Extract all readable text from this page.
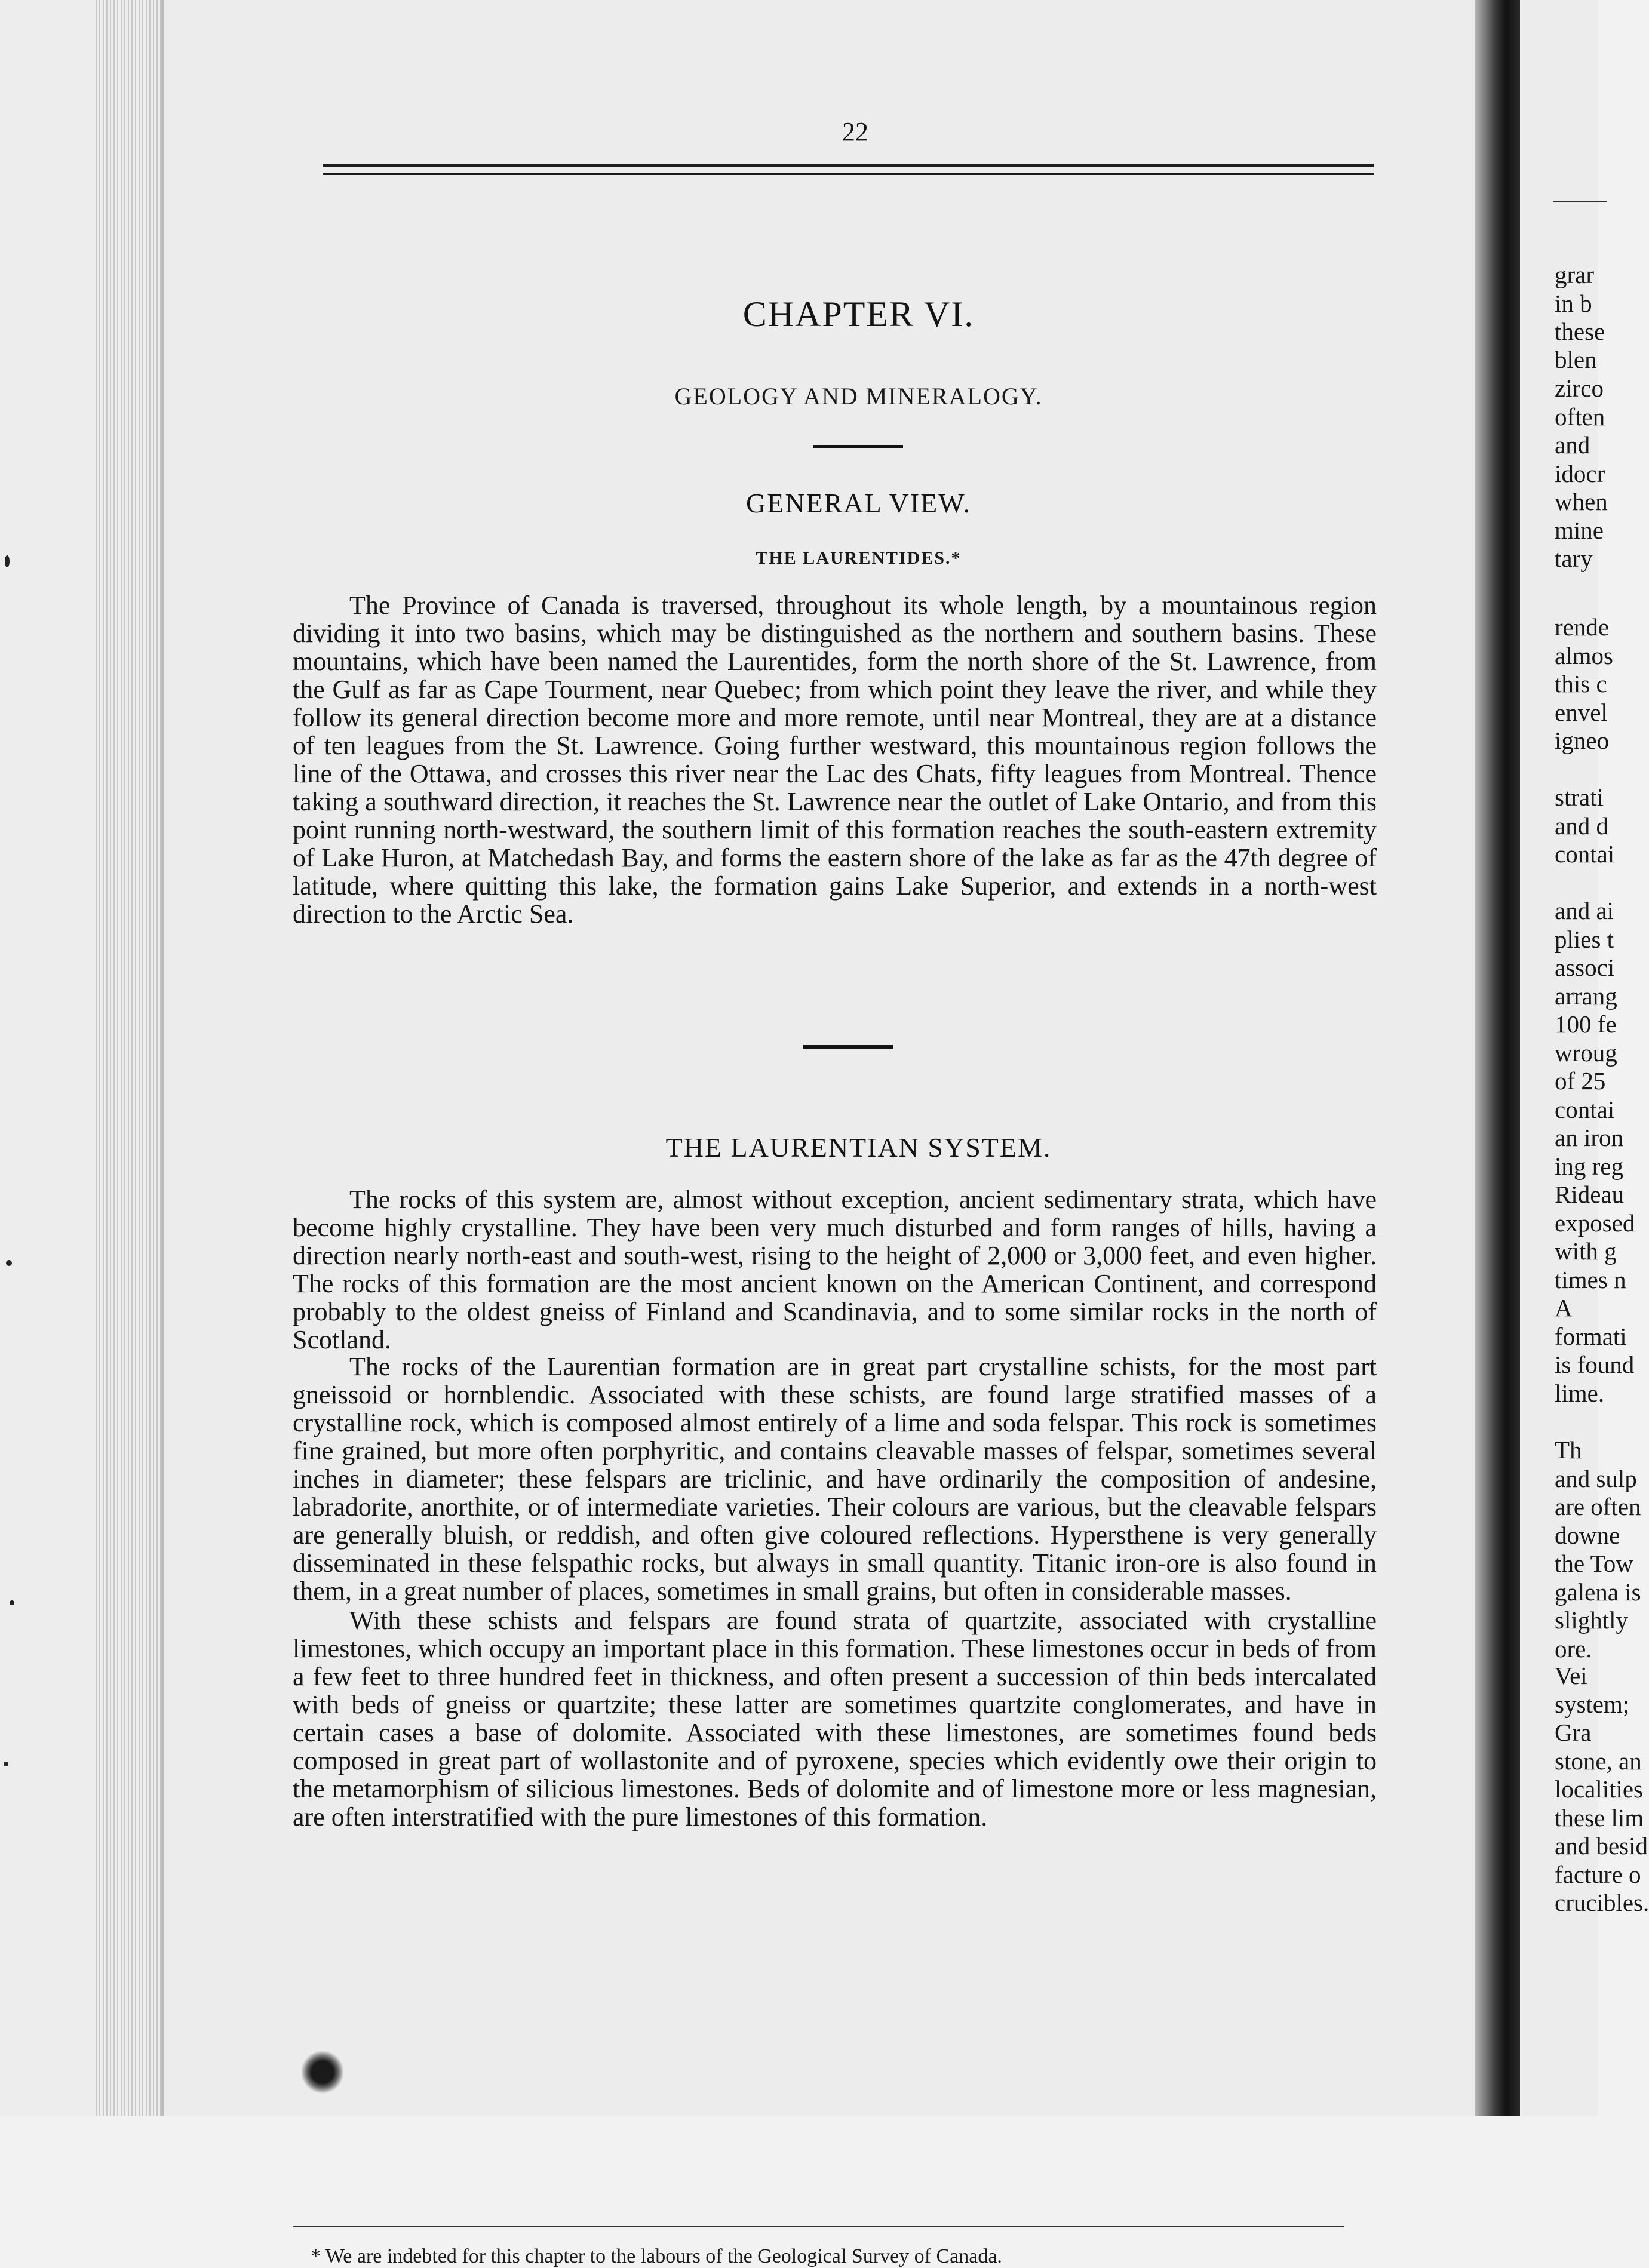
grar
in b
these
blen
zirco
often
and
idocr
when
mine
tary
rende
almos
this c
envel
igneo
strati
and d
contai
and ai
plies t
associ
arrang
100 fe
wroug
of 25
contai
an iron
ing reg
Rideau
exposed
with g
times n
A
formati
is found
lime.
Th
and sulp
are often
downe
the Tow
galena is
slightly
ore.
Vei
system;
Gra
stone, an
localities
these lim
and besid
facture o
crucibles.
22
CHAPTER VI.
GEOLOGY AND MINERALOGY.
GENERAL VIEW.
THE LAURENTIDES.*

The Province of Canada is traversed, throughout its whole length, by a mountainous region dividing it into two basins, which may be distinguished as the northern and southern basins. These mountains, which have been named the Laurentides, form the north shore of the St. Lawrence, from the Gulf as far as Cape Tourment, near Quebec; from which point they leave the river, and while they follow its general direction become more and more remote, until near Montreal, they are at a distance of ten leagues from the St. Lawrence. Going further westward, this mountainous region follows the line of the Ottawa, and crosses this river near the Lac des Chats, fifty leagues from Montreal. Thence taking a southward direction, it reaches the St. Lawrence near the outlet of Lake Ontario, and from this point running north-westward, the southern limit of this formation reaches the south-eastern extremity of Lake Huron, at Matchedash Bay, and forms the eastern shore of the lake as far as the 47th degree of latitude, where quitting this lake, the formation gains Lake Superior, and extends in a north-west direction to the Arctic Sea.

THE LAURENTIAN SYSTEM.

The rocks of this system are, almost without exception, ancient sedimentary strata, which have become highly crystalline. They have been very much disturbed and form ranges of hills, having a direction nearly north-east and south-west, rising to the height of 2,000 or 3,000 feet, and even higher. The rocks of this formation are the most ancient known on the American Continent, and correspond probably to the oldest gneiss of Finland and Scandinavia, and to some similar rocks in the north of Scotland.

The rocks of the Laurentian formation are in great part crystalline schists, for the most part gneissoid or hornblendic. Associated with these schists, are found large stratified masses of a crystalline rock, which is composed almost entirely of a lime and soda felspar. This rock is sometimes fine grained, but more often porphyritic, and contains cleavable masses of felspar, sometimes several inches in diameter; these felspars are triclinic, and have ordinarily the composition of andesine, labradorite, anorthite, or of intermediate varieties. Their colours are various, but the cleavable felspars are generally bluish, or reddish, and often give coloured reflections. Hypersthene is very generally disseminated in these felspathic rocks, but always in small quantity. Titanic iron-ore is also found in them, in a great number of places, sometimes in small grains, but often in considerable masses.

With these schists and felspars are found strata of quartzite, associated with crystalline limestones, which occupy an important place in this formation. These limestones occur in beds of from a few feet to three hundred feet in thickness, and often present a succession of thin beds intercalated with beds of gneiss or quartzite; these latter are sometimes quartzite conglomerates, and have in certain cases a base of dolomite. Associated with these limestones, are sometimes found beds composed in great part of wollastonite and of pyroxene, species which evidently owe their origin to the metamorphism of silicious limestones. Beds of dolomite and of limestone more or less magnesian, are often interstratified with the pure limestones of this formation.

* We are indebted for this chapter to the labours of the Geological Survey of Canada.
